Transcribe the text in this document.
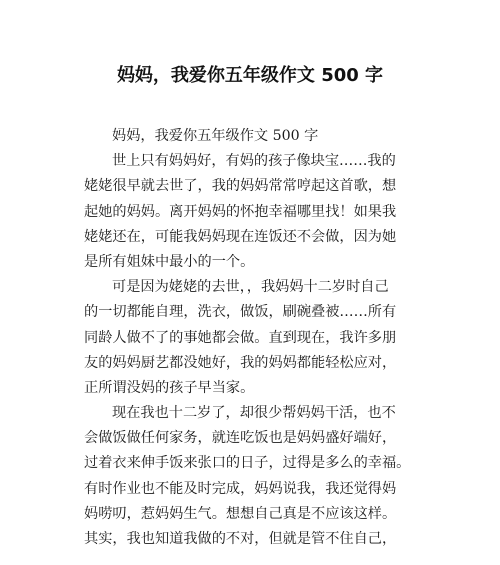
妈妈，我爱你五年级作文 500 字
妈妈，我爱你五年级作文 500 字
世上只有妈妈好，有妈的孩子像块宝……我的
姥姥很早就去世了，我的妈妈常常哼起这首歌，想
起她的妈妈。离开妈妈的怀抱幸福哪里找！如果我
姥姥还在，可能我妈妈现在连饭还不会做，因为她
是所有姐妹中最小的一个。
可是因为姥姥的去世，，我妈妈十二岁时自己
的一切都能自理，洗衣，做饭，刷碗叠被……所有
同龄人做不了的事她都会做。直到现在，我许多朋
友的妈妈厨艺都没她好，我的妈妈都能轻松应对，
正所谓没妈的孩子早当家。
现在我也十二岁了，却很少帮妈妈干活，也不
会做饭做任何家务，就连吃饭也是妈妈盛好端好，
过着衣来伸手饭来张口的日子，过得是多么的幸福。
有时作业也不能及时完成，妈妈说我，我还觉得妈
妈唠叨，惹妈妈生气。想想自己真是不应该这样。
其实，我也知道我做的不对，但就是管不住自己，
